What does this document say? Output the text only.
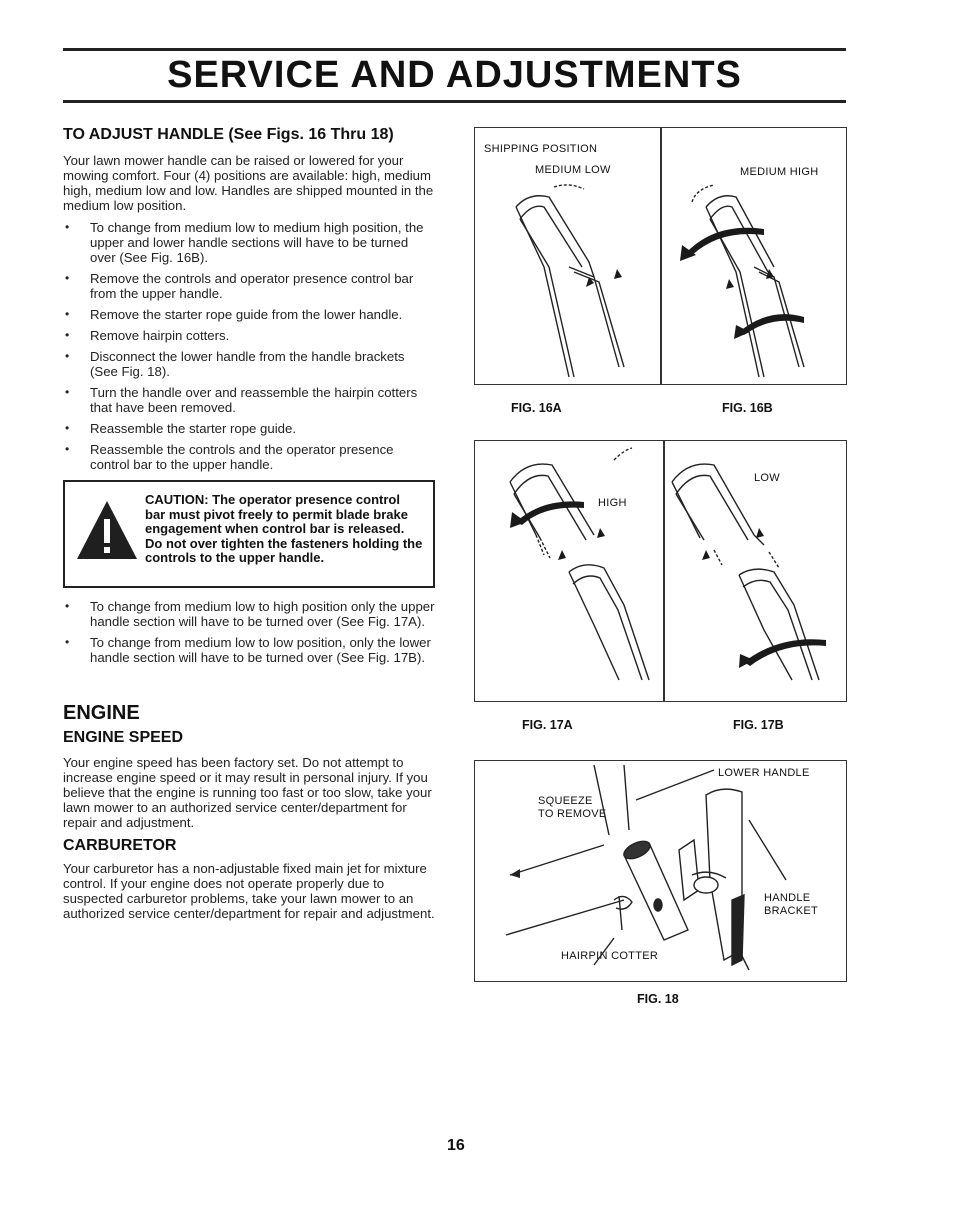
SERVICE AND ADJUSTMENTS
TO ADJUST HANDLE (See Figs. 16 Thru 18)

Your lawn mower handle can be raised or lowered for your mowing comfort. Four (4) positions are available: high, medium high, medium low and low. Handles are shipped mounted in the medium low position.

• To change from medium low to medium high position, the upper and lower handle sections will have to be turned over (See Fig. 16B).
• Remove the controls and operator presence control bar from the upper handle.
• Remove the starter rope guide from the lower handle.
• Remove hairpin cotters.
• Disconnect the lower handle from the handle brackets (See Fig. 18).
• Turn the handle over and reassemble the hairpin cotters that have been removed.
• Reassemble the starter rope guide.
• Reassemble the controls and the operator presence control bar to the upper handle.
CAUTION: The operator presence control bar must pivot freely to permit blade brake engagement when control bar is released. Do not over tighten the fasteners holding the controls to the upper handle.
• To change from medium low to high position only the upper handle section will have to be turned over (See Fig. 17A).
• To change from medium low to low position, only the lower handle section will have to be turned over (See Fig. 17B).
ENGINE
ENGINE SPEED

Your engine speed has been factory set. Do not attempt to increase engine speed or it may result in personal injury. If you believe that the engine is running too fast or too slow, take your lawn mower to an authorized service center/department for repair and adjustment.

CARBURETOR

Your carburetor has a non-adjustable fixed main jet for mixture control. If your engine does not operate properly due to suspected carburetor problems, take your lawn mower to an authorized service center/department for repair and adjustment.

SHIPPING POSITION
MEDIUM LOW	MEDIUM HIGH
FIG. 16A	FIG. 16B
HIGH
LOW
FIG. 17A	FIG. 17B
LOWER HANDLE
SQUEEZE
TO REMOVE
HANDLE
BRACKET
HAIRPIN COTTER
FIG. 18
16
